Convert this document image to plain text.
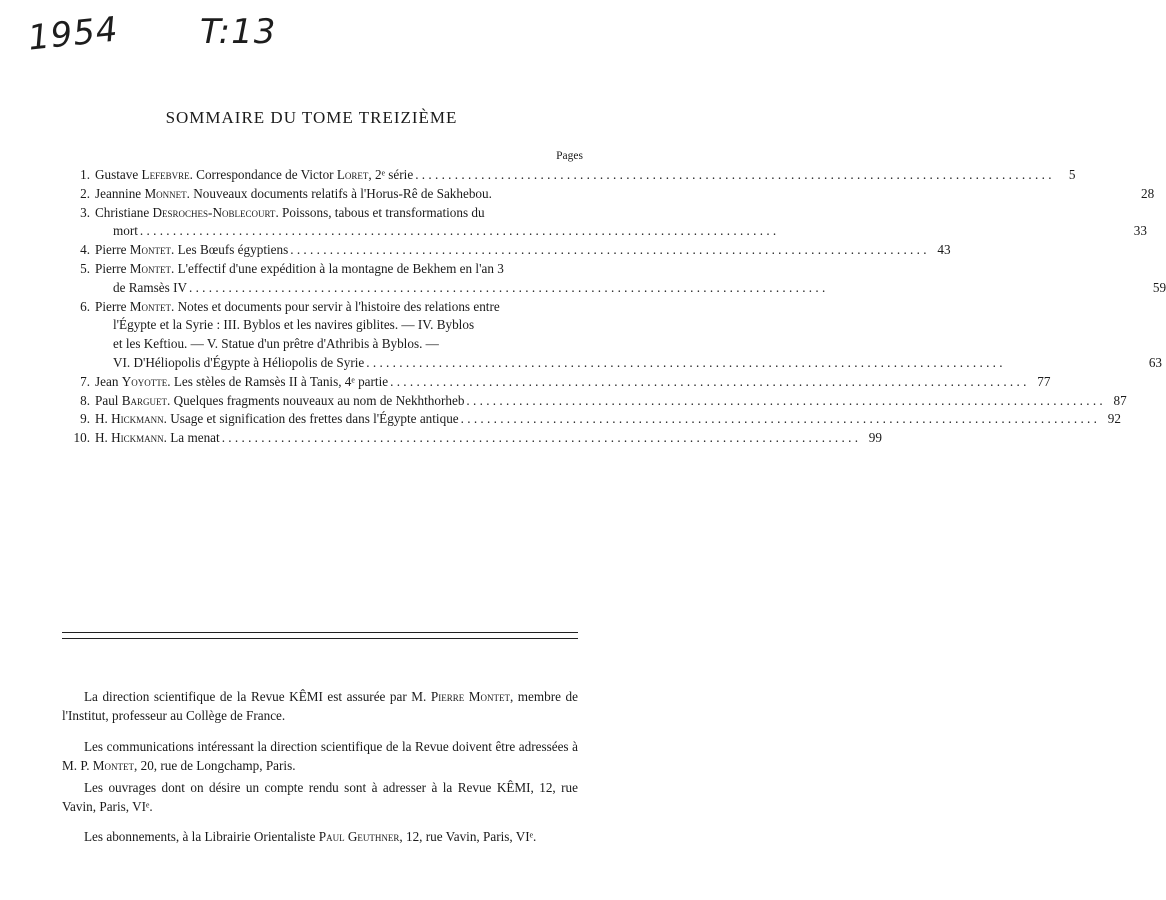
1954 T:13
SOMMAIRE DU TOME TREIZIÈME
Pages
1. Gustave Lefebvre. Correspondance de Victor Loret, 2ᵉ série . . .	5
2. Jeannine Monnet. Nouveaux documents relatifs à l'Horus-Rê de Sakhebou.	28
3. Christiane Desroches-Noblecourt. Poissons, tabous et transformations du
mort . . .	33
4. Pierre Montet. Les Bœufs égyptiens . . .	43
5. Pierre Montet. L'effectif d'une expédition à la montagne de Bekhem en l'an 3
de Ramsès IV . . .	59
6. Pierre Montet. Notes et documents pour servir à l'histoire des relations entre
l'Égypte et la Syrie : III. Byblos et les navires giblites. — IV. Byblos
et les Keftiou. — V. Statue d'un prêtre d'Athribis à Byblos. —
VI. D'Héliopolis d'Égypte à Héliopolis de Syrie . . .	63
7. Jean Yoyotte. Les stèles de Ramsès II à Tanis, 4ᵉ partie . . .	77
8. Paul Barguet. Quelques fragments nouveaux au nom de Nekhthorheb . . .	87
9. H. Hickmann. Usage et signification des frettes dans l'Égypte antique . . .	92
10. H. Hickmann. La menat . . .	99

La direction scientifique de la Revue KÊMI est assurée par M. Pierre Montet, membre de l'Institut, professeur au Collège de France.

Les communications intéressant la direction scientifique de la Revue doivent être adressées à M. P. Montet, 20, rue de Longchamp, Paris.

Les ouvrages dont on désire un compte rendu sont à adresser à la Revue KÊMI, 12, rue Vavin, Paris, VIᵉ.

Les abonnements, à la Librairie Orientaliste Paul Geuthner, 12, rue Vavin, Paris, VIᵉ.
